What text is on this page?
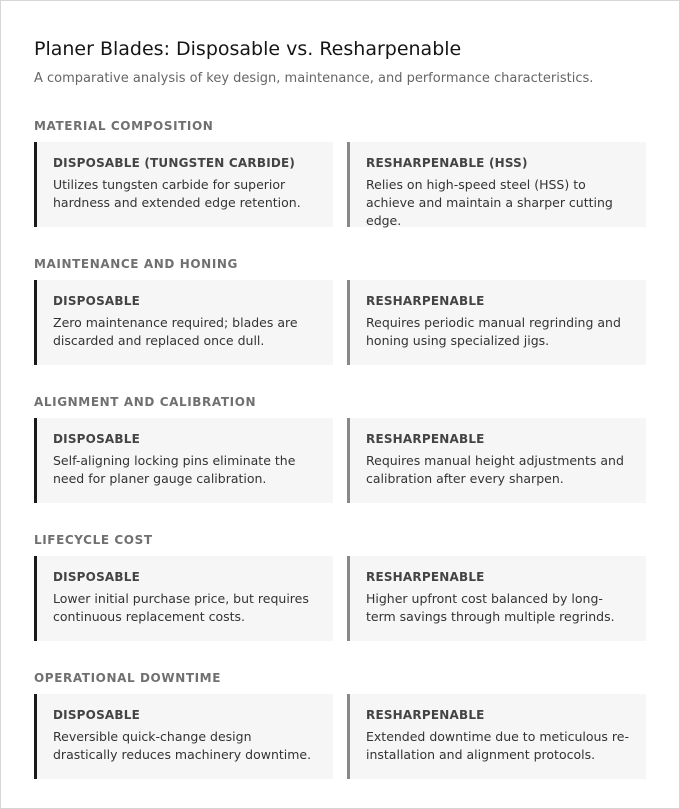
Planer Blades: Disposable vs. Resharpenable

A comparative analysis of key design, maintenance, and performance characteristics.

MATERIAL COMPOSITION
DISPOSABLE (TUNGSTEN CARBIDE)
Utilizes tungsten carbide for superior hardness and extended edge retention.
RESHARPENABLE (HSS)
Relies on high-speed steel (HSS) to achieve and maintain a sharper cutting edge.
MAINTENANCE AND HONING
DISPOSABLE
Zero maintenance required; blades are discarded and replaced once dull.
RESHARPENABLE
Requires periodic manual regrinding and honing using specialized jigs.
ALIGNMENT AND CALIBRATION
DISPOSABLE
Self-aligning locking pins eliminate the need for planer gauge calibration.
RESHARPENABLE
Requires manual height adjustments and calibration after every sharpen.
LIFECYCLE COST
DISPOSABLE
Lower initial purchase price, but requires continuous replacement costs.
RESHARPENABLE
Higher upfront cost balanced by long-term savings through multiple regrinds.
OPERATIONAL DOWNTIME
DISPOSABLE
Reversible quick-change design drastically reduces machinery downtime.
RESHARPENABLE
Extended downtime due to meticulous re-installation and alignment protocols.
